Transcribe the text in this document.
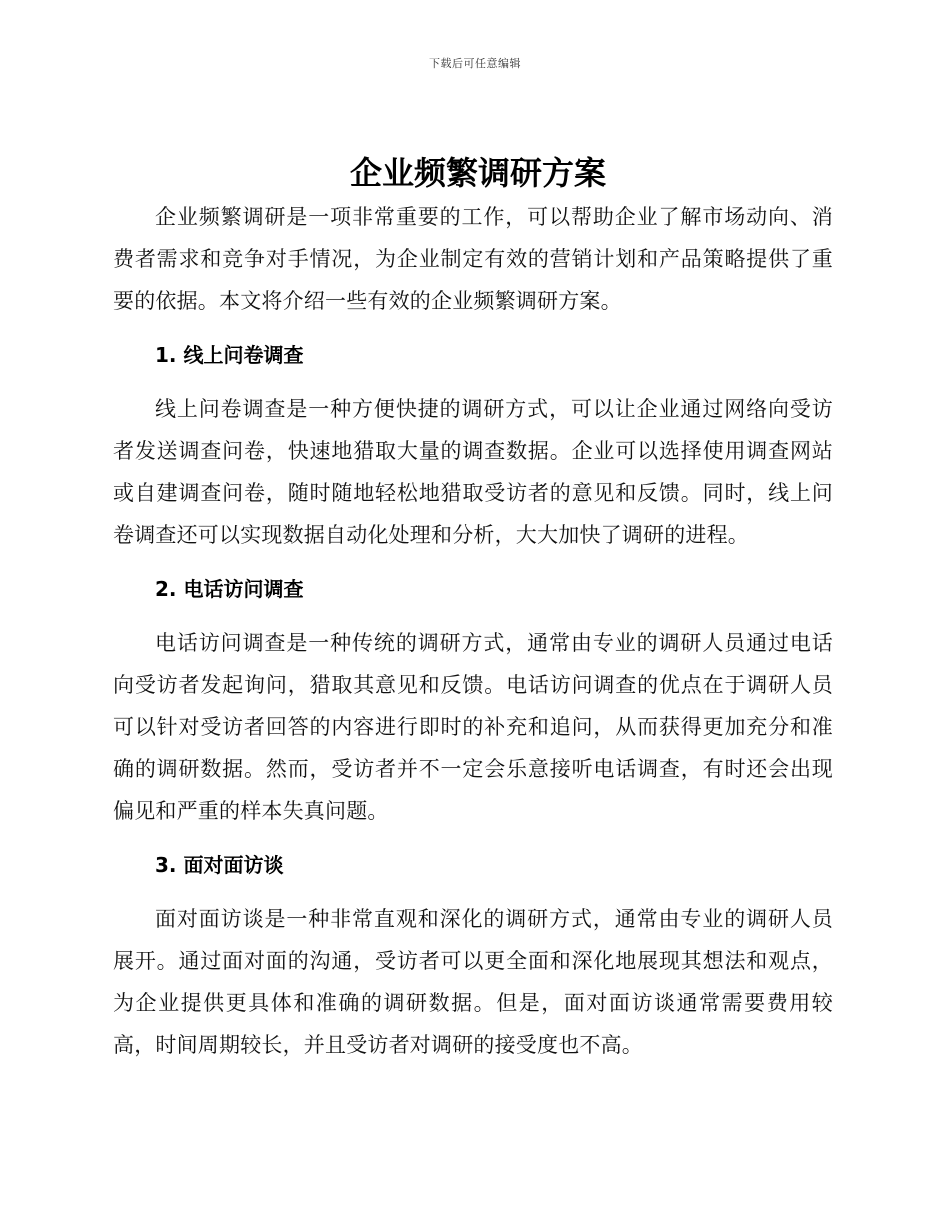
下载后可任意编辑
企业频繁调研方案

企业频繁调研是一项非常重要的工作，可以帮助企业了解市场动向、消费者需求和竞争对手情况，为企业制定有效的营销计划和产品策略提供了重要的依据。本文将介绍一些有效的企业频繁调研方案。

1. 线上问卷调查

线上问卷调查是一种方便快捷的调研方式，可以让企业通过网络向受访者发送调查问卷，快速地猎取大量的调查数据。企业可以选择使用调查网站或自建调查问卷，随时随地轻松地猎取受访者的意见和反馈。同时，线上问卷调查还可以实现数据自动化处理和分析，大大加快了调研的进程。

2. 电话访问调查

电话访问调查是一种传统的调研方式，通常由专业的调研人员通过电话向受访者发起询问，猎取其意见和反馈。电话访问调查的优点在于调研人员可以针对受访者回答的内容进行即时的补充和追问，从而获得更加充分和准确的调研数据。然而，受访者并不一定会乐意接听电话调查，有时还会出现偏见和严重的样本失真问题。

3. 面对面访谈

面对面访谈是一种非常直观和深化的调研方式，通常由专业的调研人员展开。通过面对面的沟通，受访者可以更全面和深化地展现其想法和观点，为企业提供更具体和准确的调研数据。但是，面对面访谈通常需要费用较高，时间周期较长，并且受访者对调研的接受度也不高。
